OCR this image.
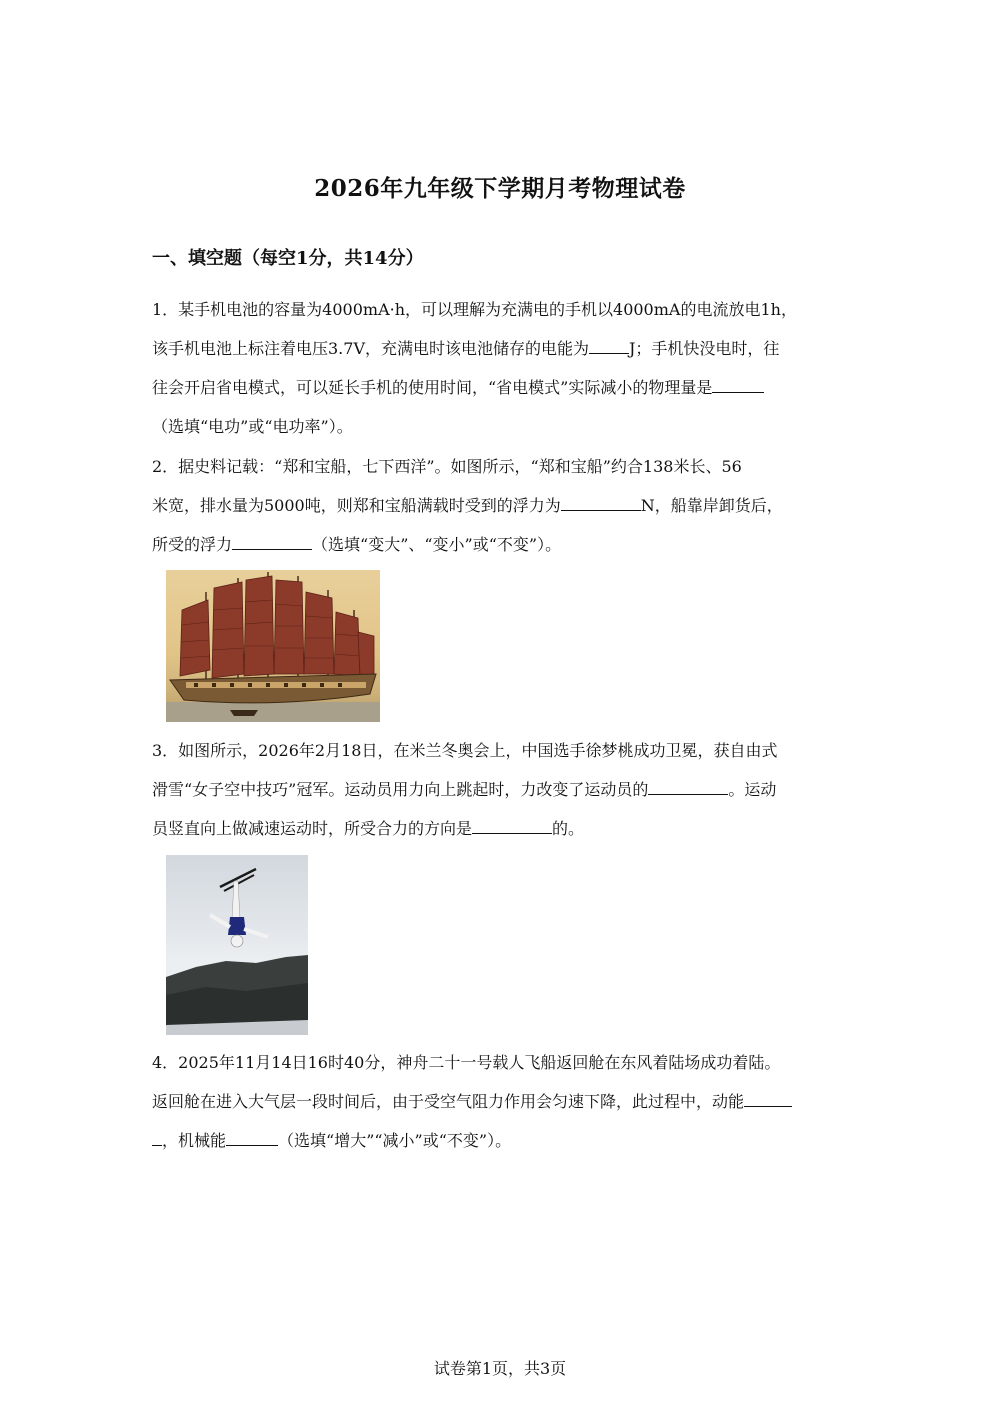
2026年九年级下学期月考物理试卷
一、填空题（每空1分，共14分）

1．某手机电池的容量为4000mA·h，可以理解为充满电的手机以4000mA的电流放电1h，

该手机电池上标注着电压3.7V，充满电时该电池储存的电能为	J；手机快没电时，往

往会开启省电模式，可以延长手机的使用时间，“省电模式”实际减小的物理量是

（选填“电功”或“电功率”）。

2．据史料记载：“郑和宝船，七下西洋”。如图所示，“郑和宝船”约合138米长、56

米宽，排水量为5000吨，则郑和宝船满载时受到的浮力为	N，船靠岸卸货后，

所受的浮力	（选填“变大”、“变小”或“不变”）。

3．如图所示，2026年2月18日，在米兰冬奥会上，中国选手徐梦桃成功卫冕，获自由式

滑雪“女子空中技巧”冠军。运动员用力向上跳起时，力改变了运动员的	。运动

员竖直向上做减速运动时，所受合力的方向是	的。

4．2025年11月14日16时40分，神舟二十一号载人飞船返回舱在东风着陆场成功着陆。

返回舱在进入大气层一段时间后，由于受空气阻力作用会匀速下降，此过程中，动能

，机械能	（选填“增大”“减小”或“不变”）。

试卷第1页，共3页
